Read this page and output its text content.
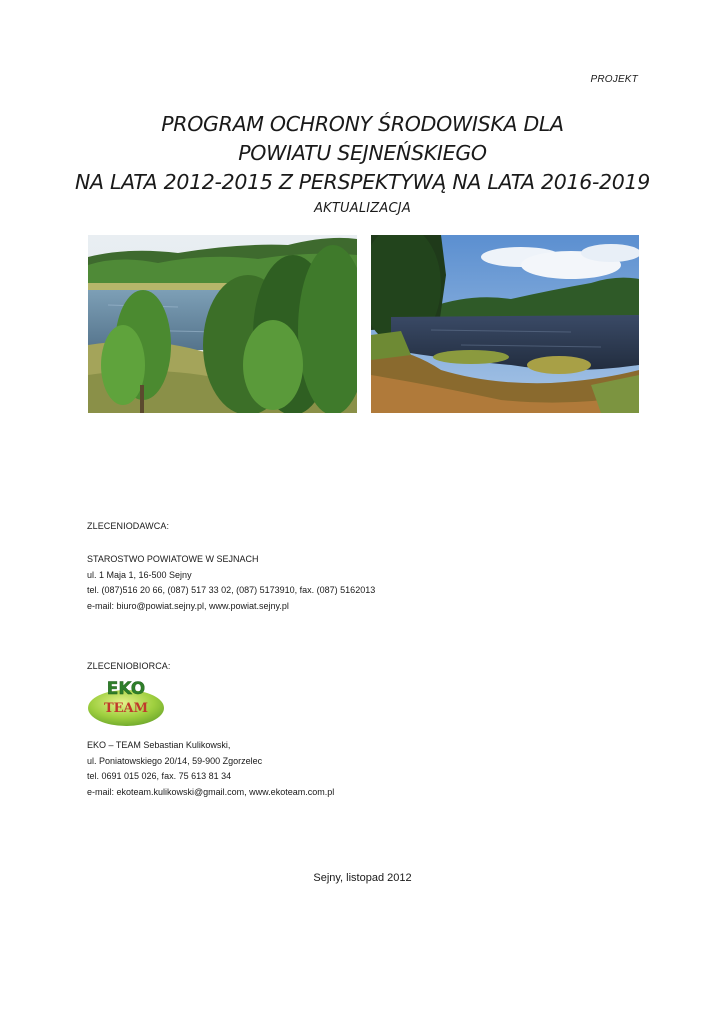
PROJEKT
PROGRAM OCHRONY ŚRODOWISKA DLA
POWIATU SEJNEŃSKIEGO
NA LATA 2012-2015 Z PERSPEKTYWĄ NA LATA 2016-2019
AKTUALIZACJA
ZLECENIODAWCA:
STAROSTWO POWIATOWE W SEJNACH
ul. 1 Maja 1, 16-500 Sejny
tel. (087)516 20 66, (087) 517 33 02, (087) 5173910, fax. (087) 5162013
e-mail: biuro@powiat.sejny.pl, www.powiat.sejny.pl
ZLECENIOBIORCA:
EKO
TEAM
EKO – TEAM Sebastian Kulikowski,
ul. Poniatowskiego 20/14, 59-900 Zgorzelec
tel. 0691 015 026, fax. 75 613 81 34
e-mail: ekoteam.kulikowski@gmail.com, www.ekoteam.com.pl
Sejny, listopad 2012
